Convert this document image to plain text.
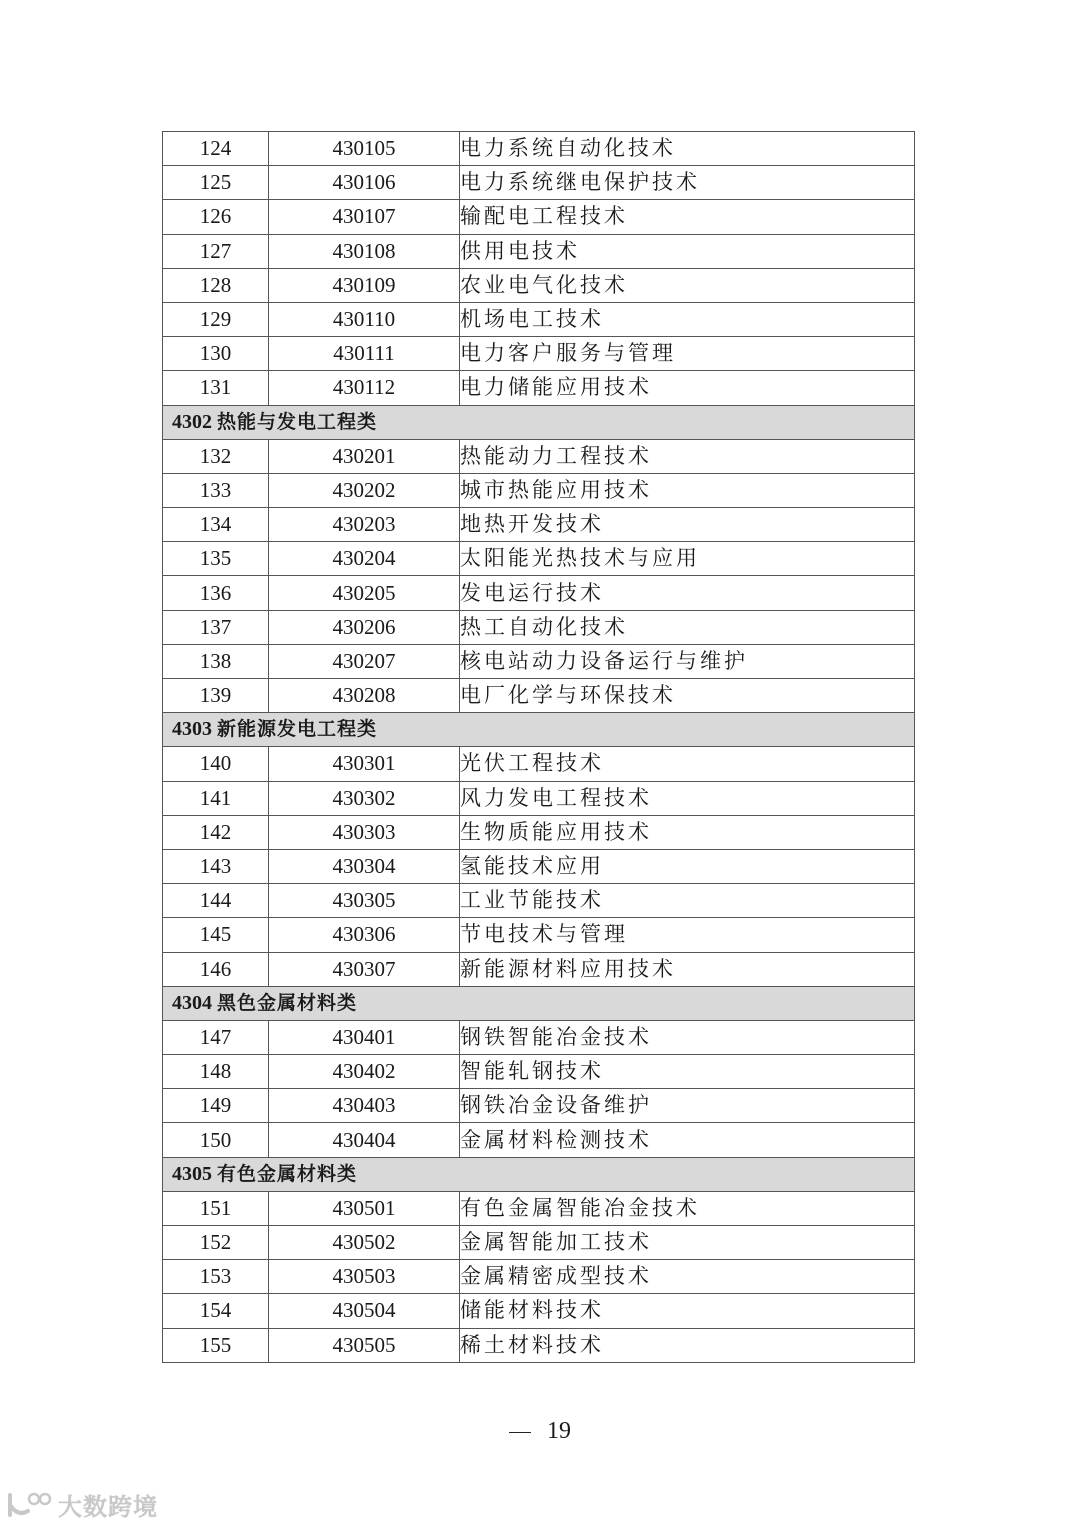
124	430105	电力系统自动化技术
125	430106	电力系统继电保护技术
126	430107	输配电工程技术
127	430108	供用电技术
128	430109	农业电气化技术
129	430110	机场电工技术
130	430111	电力客户服务与管理
131	430112	电力储能应用技术
4302 热能与发电工程类		
132	430201	热能动力工程技术
133	430202	城市热能应用技术
134	430203	地热开发技术
135	430204	太阳能光热技术与应用
136	430205	发电运行技术
137	430206	热工自动化技术
138	430207	核电站动力设备运行与维护
139	430208	电厂化学与环保技术
4303 新能源发电工程类		
140	430301	光伏工程技术
141	430302	风力发电工程技术
142	430303	生物质能应用技术
143	430304	氢能技术应用
144	430305	工业节能技术
145	430306	节电技术与管理
146	430307	新能源材料应用技术
4304 黑色金属材料类		
147	430401	钢铁智能冶金技术
148	430402	智能轧钢技术
149	430403	钢铁冶金设备维护
150	430404	金属材料检测技术
4305 有色金属材料类		
151	430501	有色金属智能冶金技术
152	430502	金属智能加工技术
153	430503	金属精密成型技术
154	430504	储能材料技术
155	430505	稀土材料技术
19
大数跨境
